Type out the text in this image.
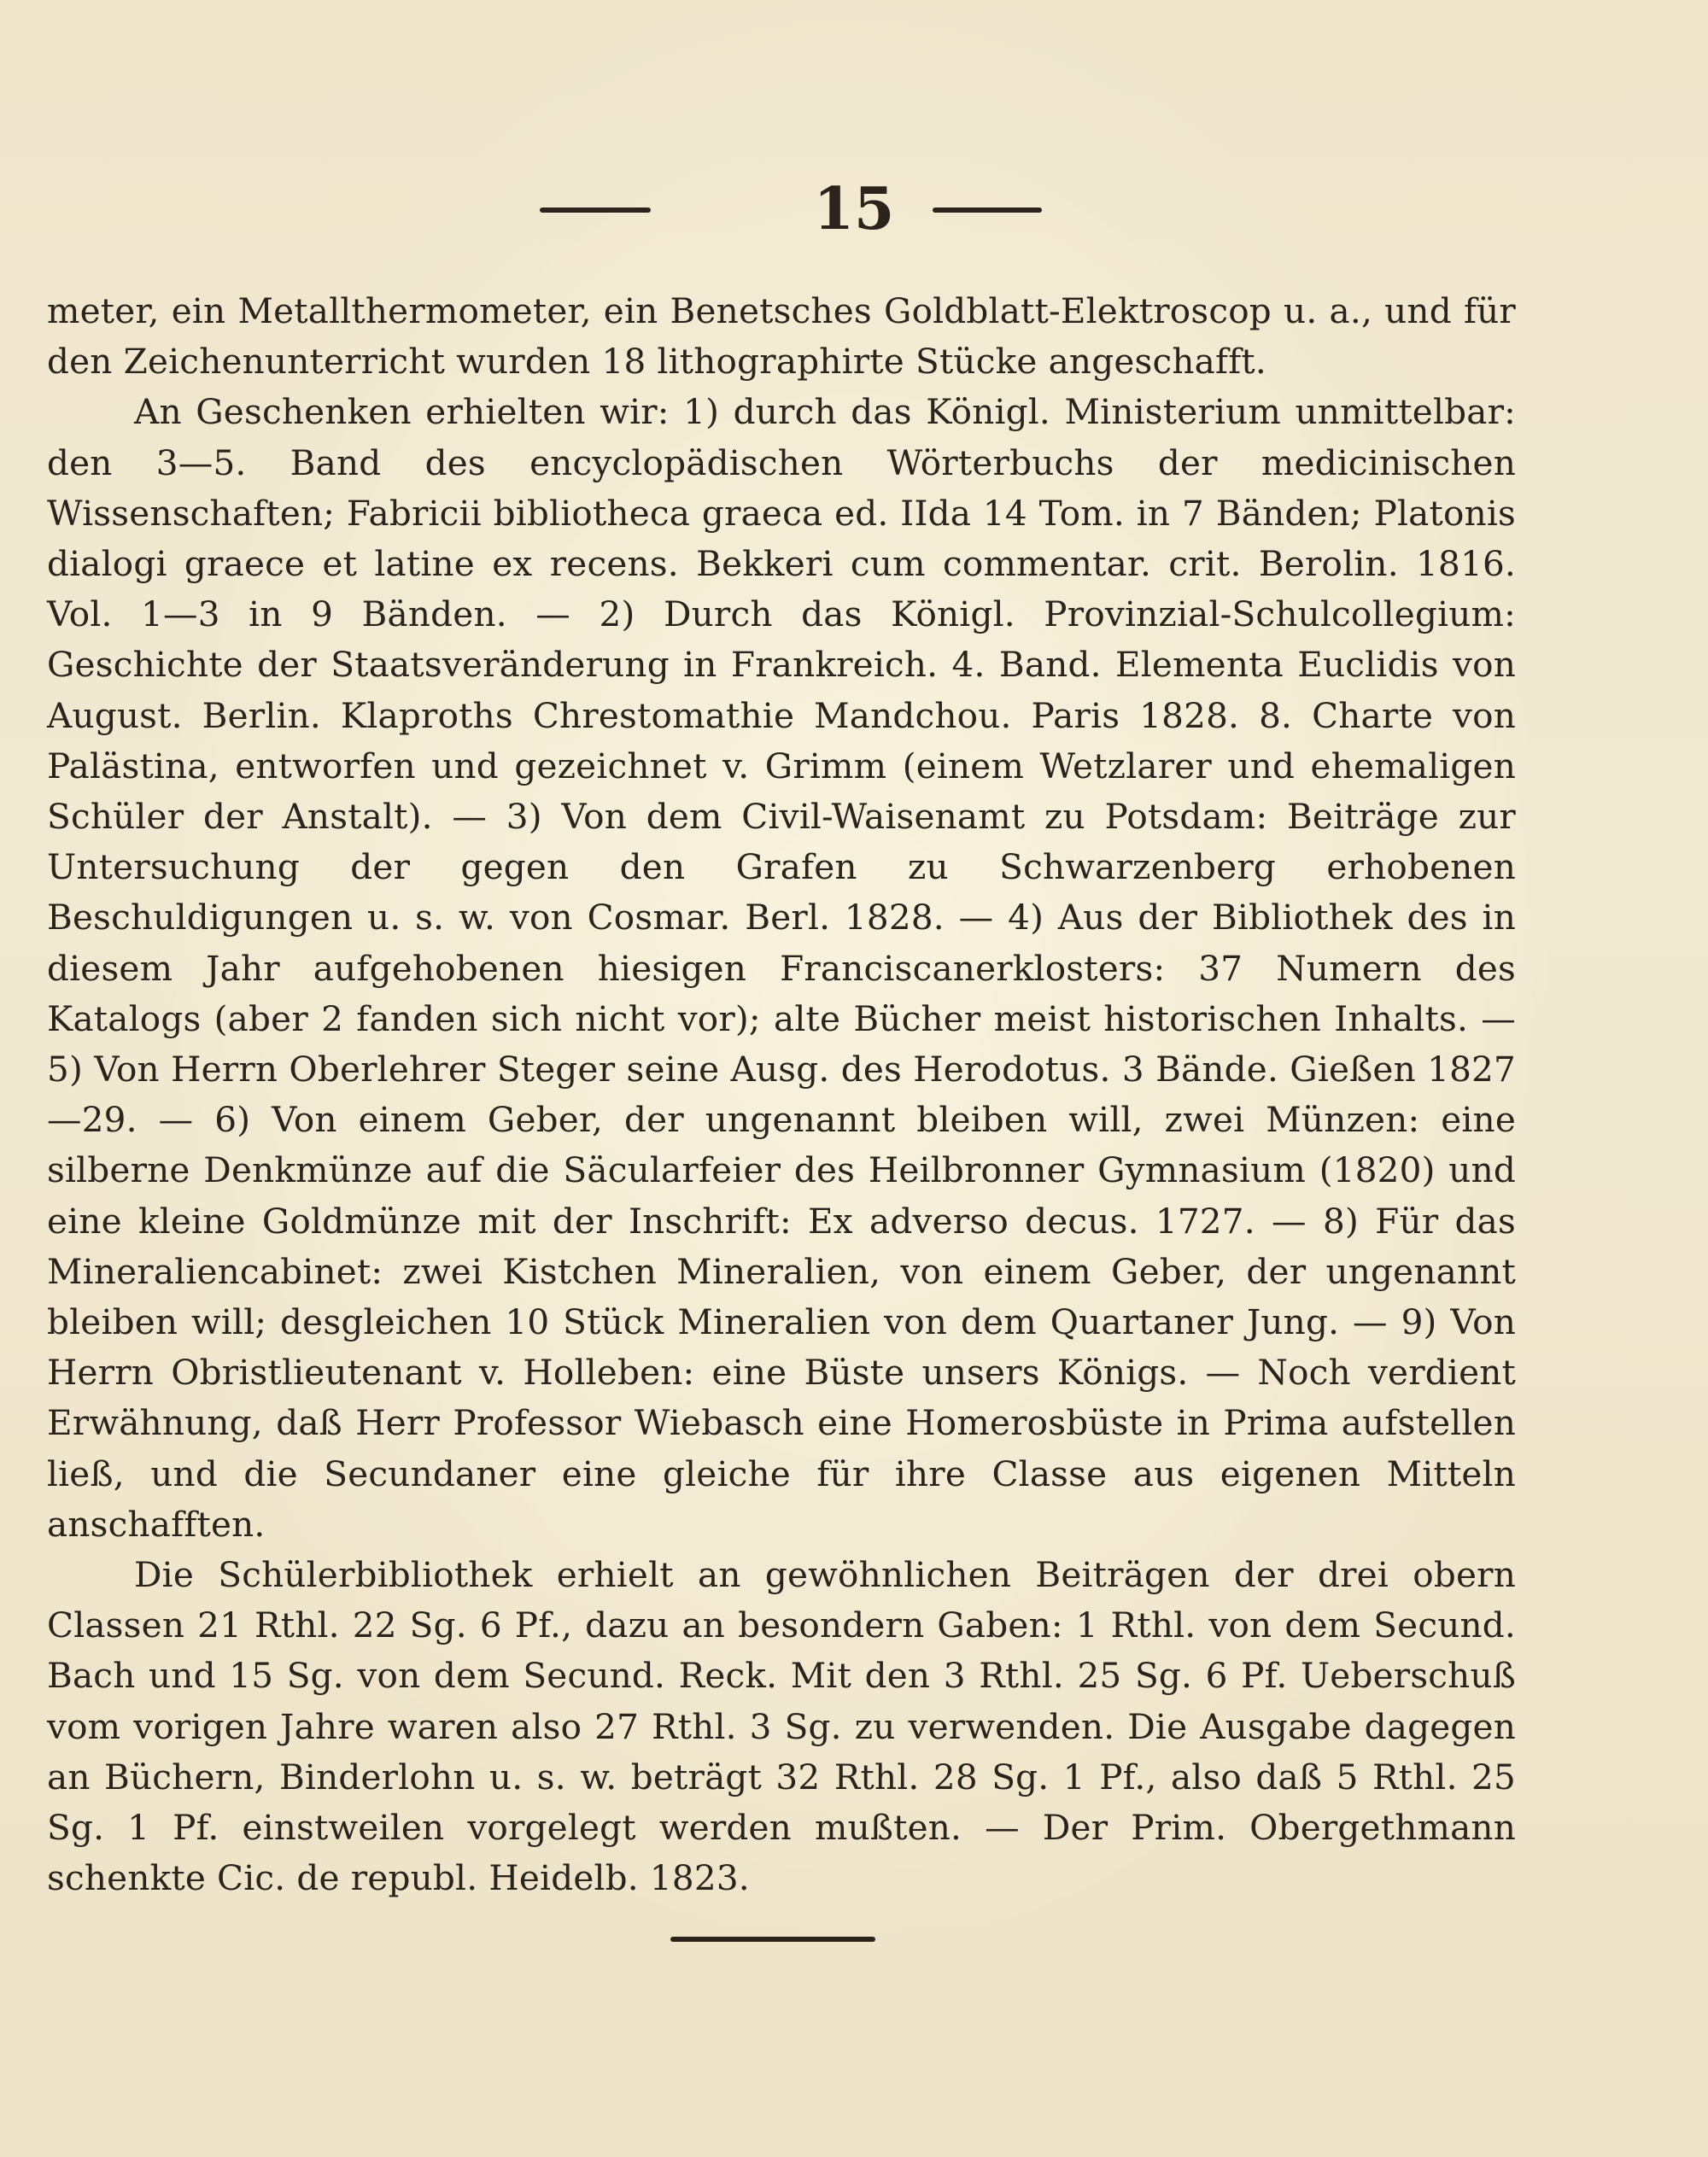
15

meter, ein Metallthermometer, ein Benetsches Goldblatt-Elektroscop u. a., und für den Zeichenunterricht wurden 18 lithographirte Stücke angeschafft.

An Geschenken erhielten wir: 1) durch das Königl. Ministerium unmittelbar: den 3—5. Band des encyclopädischen Wörterbuchs der medicinischen Wissenschaften; Fabricii bibliotheca graeca ed. IIda 14 Tom. in 7 Bänden; Platonis dialogi graece et latine ex recens. Bekkeri cum commentar. crit. Berolin. 1816. Vol. 1—3 in 9 Bänden. — 2) Durch das Königl. Provinzial-Schulcollegium: Geschichte der Staatsveränderung in Frankreich. 4. Band. Elementa Euclidis von August. Berlin. Klaproths Chrestomathie Mandchou. Paris 1828. 8. Charte von Palästina, entworfen und gezeichnet v. Grimm (einem Wetzlarer und ehemaligen Schüler der Anstalt). — 3) Von dem Civil-Waisenamt zu Potsdam: Beiträge zur Untersuchung der gegen den Grafen zu Schwarzenberg erhobenen Beschuldigungen u. s. w. von Cosmar. Berl. 1828. — 4) Aus der Bibliothek des in diesem Jahr aufgehobenen hiesigen Franciscanerklosters: 37 Numern des Katalogs (aber 2 fanden sich nicht vor); alte Bücher meist historischen Inhalts. — 5) Von Herrn Oberlehrer Steger seine Ausg. des Herodotus. 3 Bände. Gießen 1827—29. — 6) Von einem Geber, der ungenannt bleiben will, zwei Münzen: eine silberne Denkmünze auf die Säcularfeier des Heilbronner Gymnasium (1820) und eine kleine Goldmünze mit der Inschrift: Ex adverso decus. 1727. — 8) Für das Mineraliencabinet: zwei Kistchen Mineralien, von einem Geber, der ungenannt bleiben will; desgleichen 10 Stück Mineralien von dem Quartaner Jung. — 9) Von Herrn Obristlieutenant v. Holleben: eine Büste unsers Königs. — Noch verdient Erwähnung, daß Herr Professor Wiebasch eine Homerosbüste in Prima aufstellen ließ, und die Secundaner eine gleiche für ihre Classe aus eigenen Mitteln anschafften.

Die Schülerbibliothek erhielt an gewöhnlichen Beiträgen der drei obern Classen 21 Rthl. 22 Sg. 6 Pf., dazu an besondern Gaben: 1 Rthl. von dem Secund. Bach und 15 Sg. von dem Secund. Reck. Mit den 3 Rthl. 25 Sg. 6 Pf. Ueberschuß vom vorigen Jahre waren also 27 Rthl. 3 Sg. zu verwenden. Die Ausgabe dagegen an Büchern, Binderlohn u. s. w. beträgt 32 Rthl. 28 Sg. 1 Pf., also daß 5 Rthl. 25 Sg. 1 Pf. einstweilen vorgelegt werden mußten. — Der Prim. Obergethmann schenkte Cic. de republ. Heidelb. 1823.
